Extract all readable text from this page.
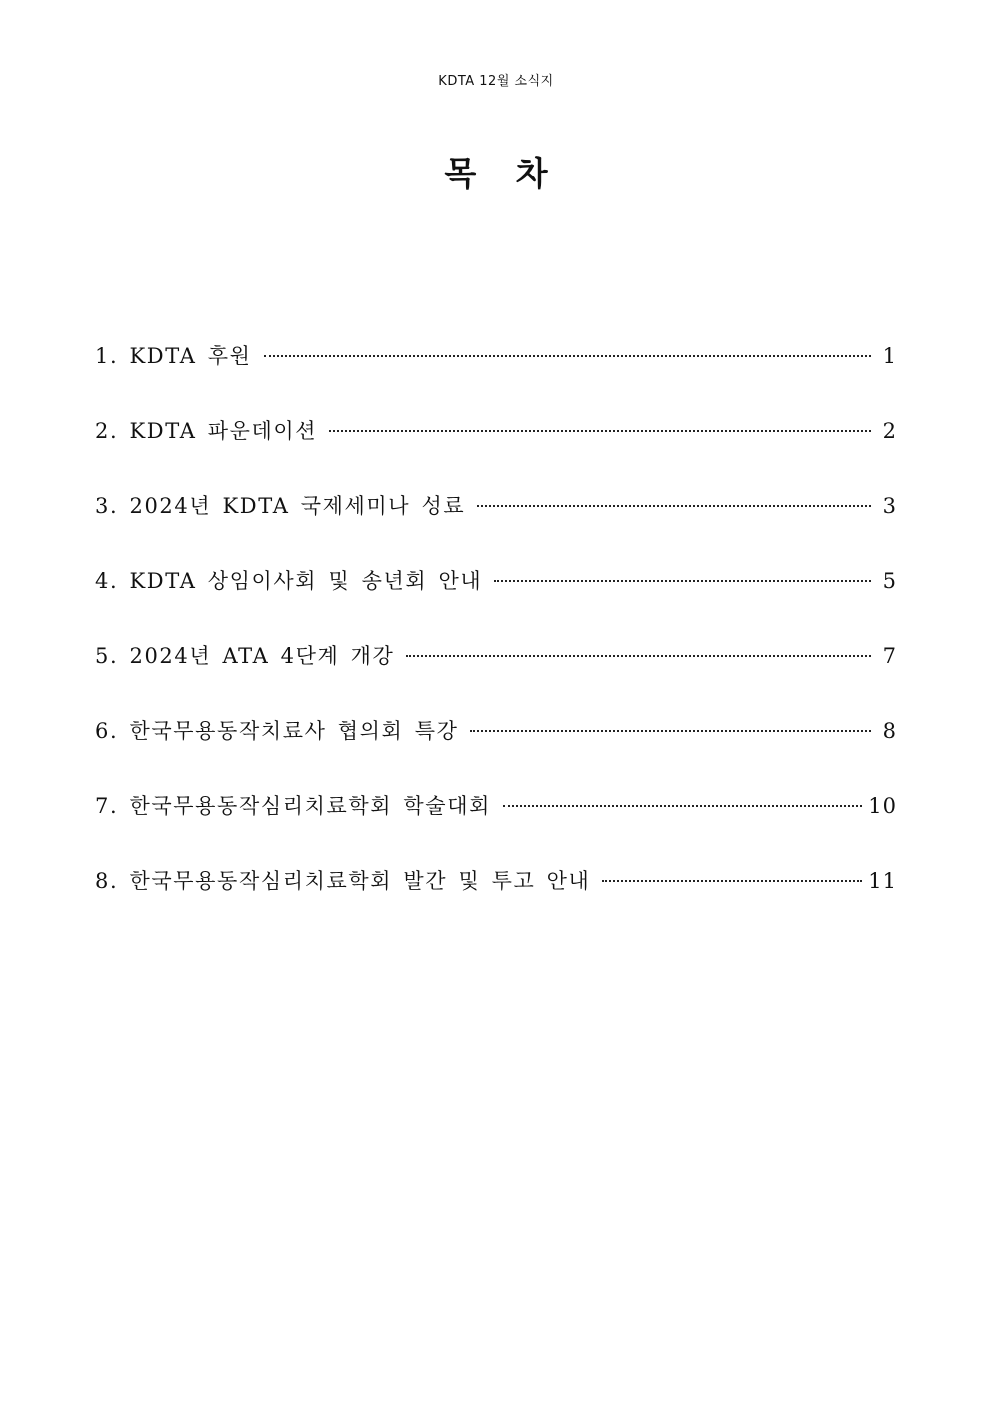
KDTA 12월 소식지
목 차
1. KDTA 후원	1
2. KDTA 파운데이션	2
3. 2024년 KDTA 국제세미나 성료	3
4. KDTA 상임이사회 및 송년회 안내	5
5. 2024년 ATA 4단계 개강	7
6. 한국무용동작치료사 협의회 특강	8
7. 한국무용동작심리치료학회 학술대회	10
8. 한국무용동작심리치료학회 발간 및 투고 안내	11
